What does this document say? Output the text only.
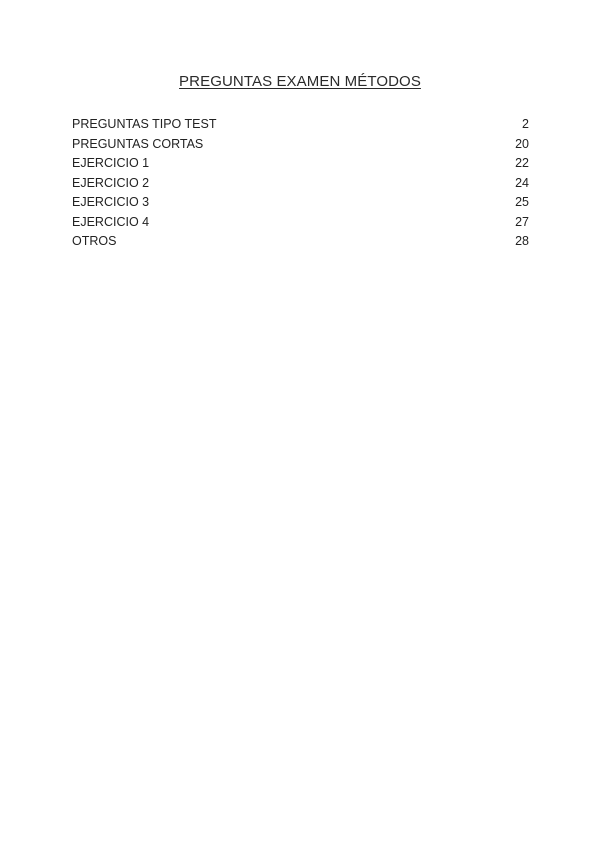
PREGUNTAS EXAMEN MÉTODOS
PREGUNTAS TIPO TEST	2
PREGUNTAS CORTAS	20
EJERCICIO 1	22
EJERCICIO 2	24
EJERCICIO 3	25
EJERCICIO 4	27
OTROS	28
